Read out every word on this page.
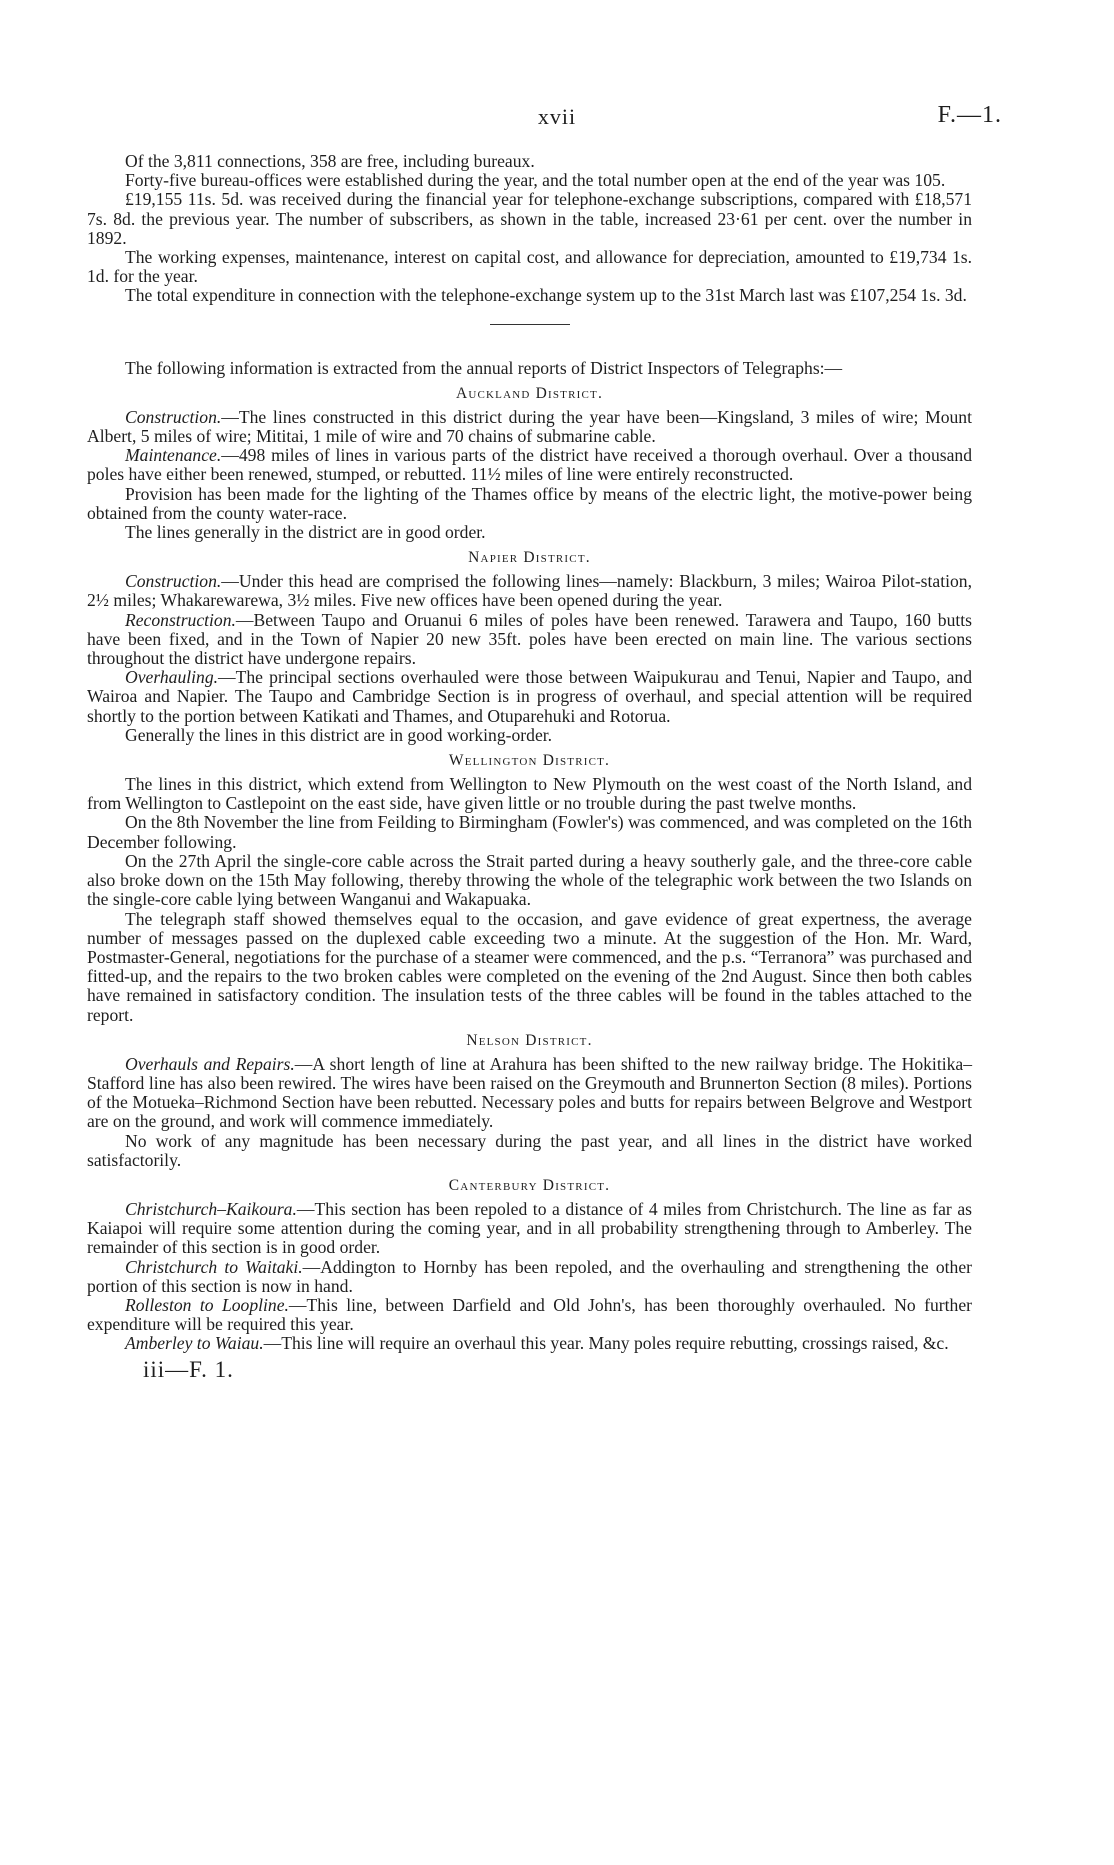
xvii	F.—1.

Of the 3,811 connections, 358 are free, including bureaux.

Forty-five bureau-offices were established during the year, and the total number open at the end of the year was 105.

£19,155 11s. 5d. was received during the financial year for telephone-exchange subscriptions, compared with £18,571 7s. 8d. the previous year. The number of subscribers, as shown in the table, increased 23·61 per cent. over the number in 1892.

The working expenses, maintenance, interest on capital cost, and allowance for depreciation, amounted to £19,734 1s. 1d. for the year.

The total expenditure in connection with the telephone-exchange system up to the 31st March last was £107,254 1s. 3d.

The following information is extracted from the annual reports of District Inspectors of Telegraphs:—

Auckland District.

Construction.—The lines constructed in this district during the year have been—Kingsland, 3 miles of wire; Mount Albert, 5 miles of wire; Mititai, 1 mile of wire and 70 chains of submarine cable.

Maintenance.—498 miles of lines in various parts of the district have received a thorough overhaul. Over a thousand poles have either been renewed, stumped, or rebutted. 11½ miles of line were entirely reconstructed.

Provision has been made for the lighting of the Thames office by means of the electric light, the motive-power being obtained from the county water-race.

The lines generally in the district are in good order.

Napier District.

Construction.—Under this head are comprised the following lines—namely: Blackburn, 3 miles; Wairoa Pilot-station, 2½ miles; Whakarewarewa, 3½ miles. Five new offices have been opened during the year.

Reconstruction.—Between Taupo and Oruanui 6 miles of poles have been renewed. Tarawera and Taupo, 160 butts have been fixed, and in the Town of Napier 20 new 35ft. poles have been erected on main line. The various sections throughout the district have undergone repairs.

Overhauling.—The principal sections overhauled were those between Waipukurau and Tenui, Napier and Taupo, and Wairoa and Napier. The Taupo and Cambridge Section is in progress of overhaul, and special attention will be required shortly to the portion between Katikati and Thames, and Otuparehuki and Rotorua.

Generally the lines in this district are in good working-order.

Wellington District.

The lines in this district, which extend from Wellington to New Plymouth on the west coast of the North Island, and from Wellington to Castlepoint on the east side, have given little or no trouble during the past twelve months.

On the 8th November the line from Feilding to Birmingham (Fowler's) was commenced, and was completed on the 16th December following.

On the 27th April the single-core cable across the Strait parted during a heavy southerly gale, and the three-core cable also broke down on the 15th May following, thereby throwing the whole of the telegraphic work between the two Islands on the single-core cable lying between Wanganui and Wakapuaka.

The telegraph staff showed themselves equal to the occasion, and gave evidence of great expertness, the average number of messages passed on the duplexed cable exceeding two a minute. At the suggestion of the Hon. Mr. Ward, Postmaster-General, negotiations for the purchase of a steamer were commenced, and the p.s. “Terranora” was purchased and fitted-up, and the repairs to the two broken cables were completed on the evening of the 2nd August. Since then both cables have remained in satisfactory condition. The insulation tests of the three cables will be found in the tables attached to the report.

Nelson District.

Overhauls and Repairs.—A short length of line at Arahura has been shifted to the new railway bridge. The Hokitika–Stafford line has also been rewired. The wires have been raised on the Greymouth and Brunnerton Section (8 miles). Portions of the Motueka–Richmond Section have been rebutted. Necessary poles and butts for repairs between Belgrove and Westport are on the ground, and work will commence immediately.

No work of any magnitude has been necessary during the past year, and all lines in the district have worked satisfactorily.

Canterbury District.

Christchurch–Kaikoura.—This section has been repoled to a distance of 4 miles from Christchurch. The line as far as Kaiapoi will require some attention during the coming year, and in all probability strengthening through to Amberley. The remainder of this section is in good order.

Christchurch to Waitaki.—Addington to Hornby has been repoled, and the overhauling and strengthening the other portion of this section is now in hand.

Rolleston to Loopline.—This line, between Darfield and Old John's, has been thoroughly overhauled. No further expenditure will be required this year.

Amberley to Waiau.—This line will require an overhaul this year. Many poles require rebutting, crossings raised, &c.

iii—F. 1.
